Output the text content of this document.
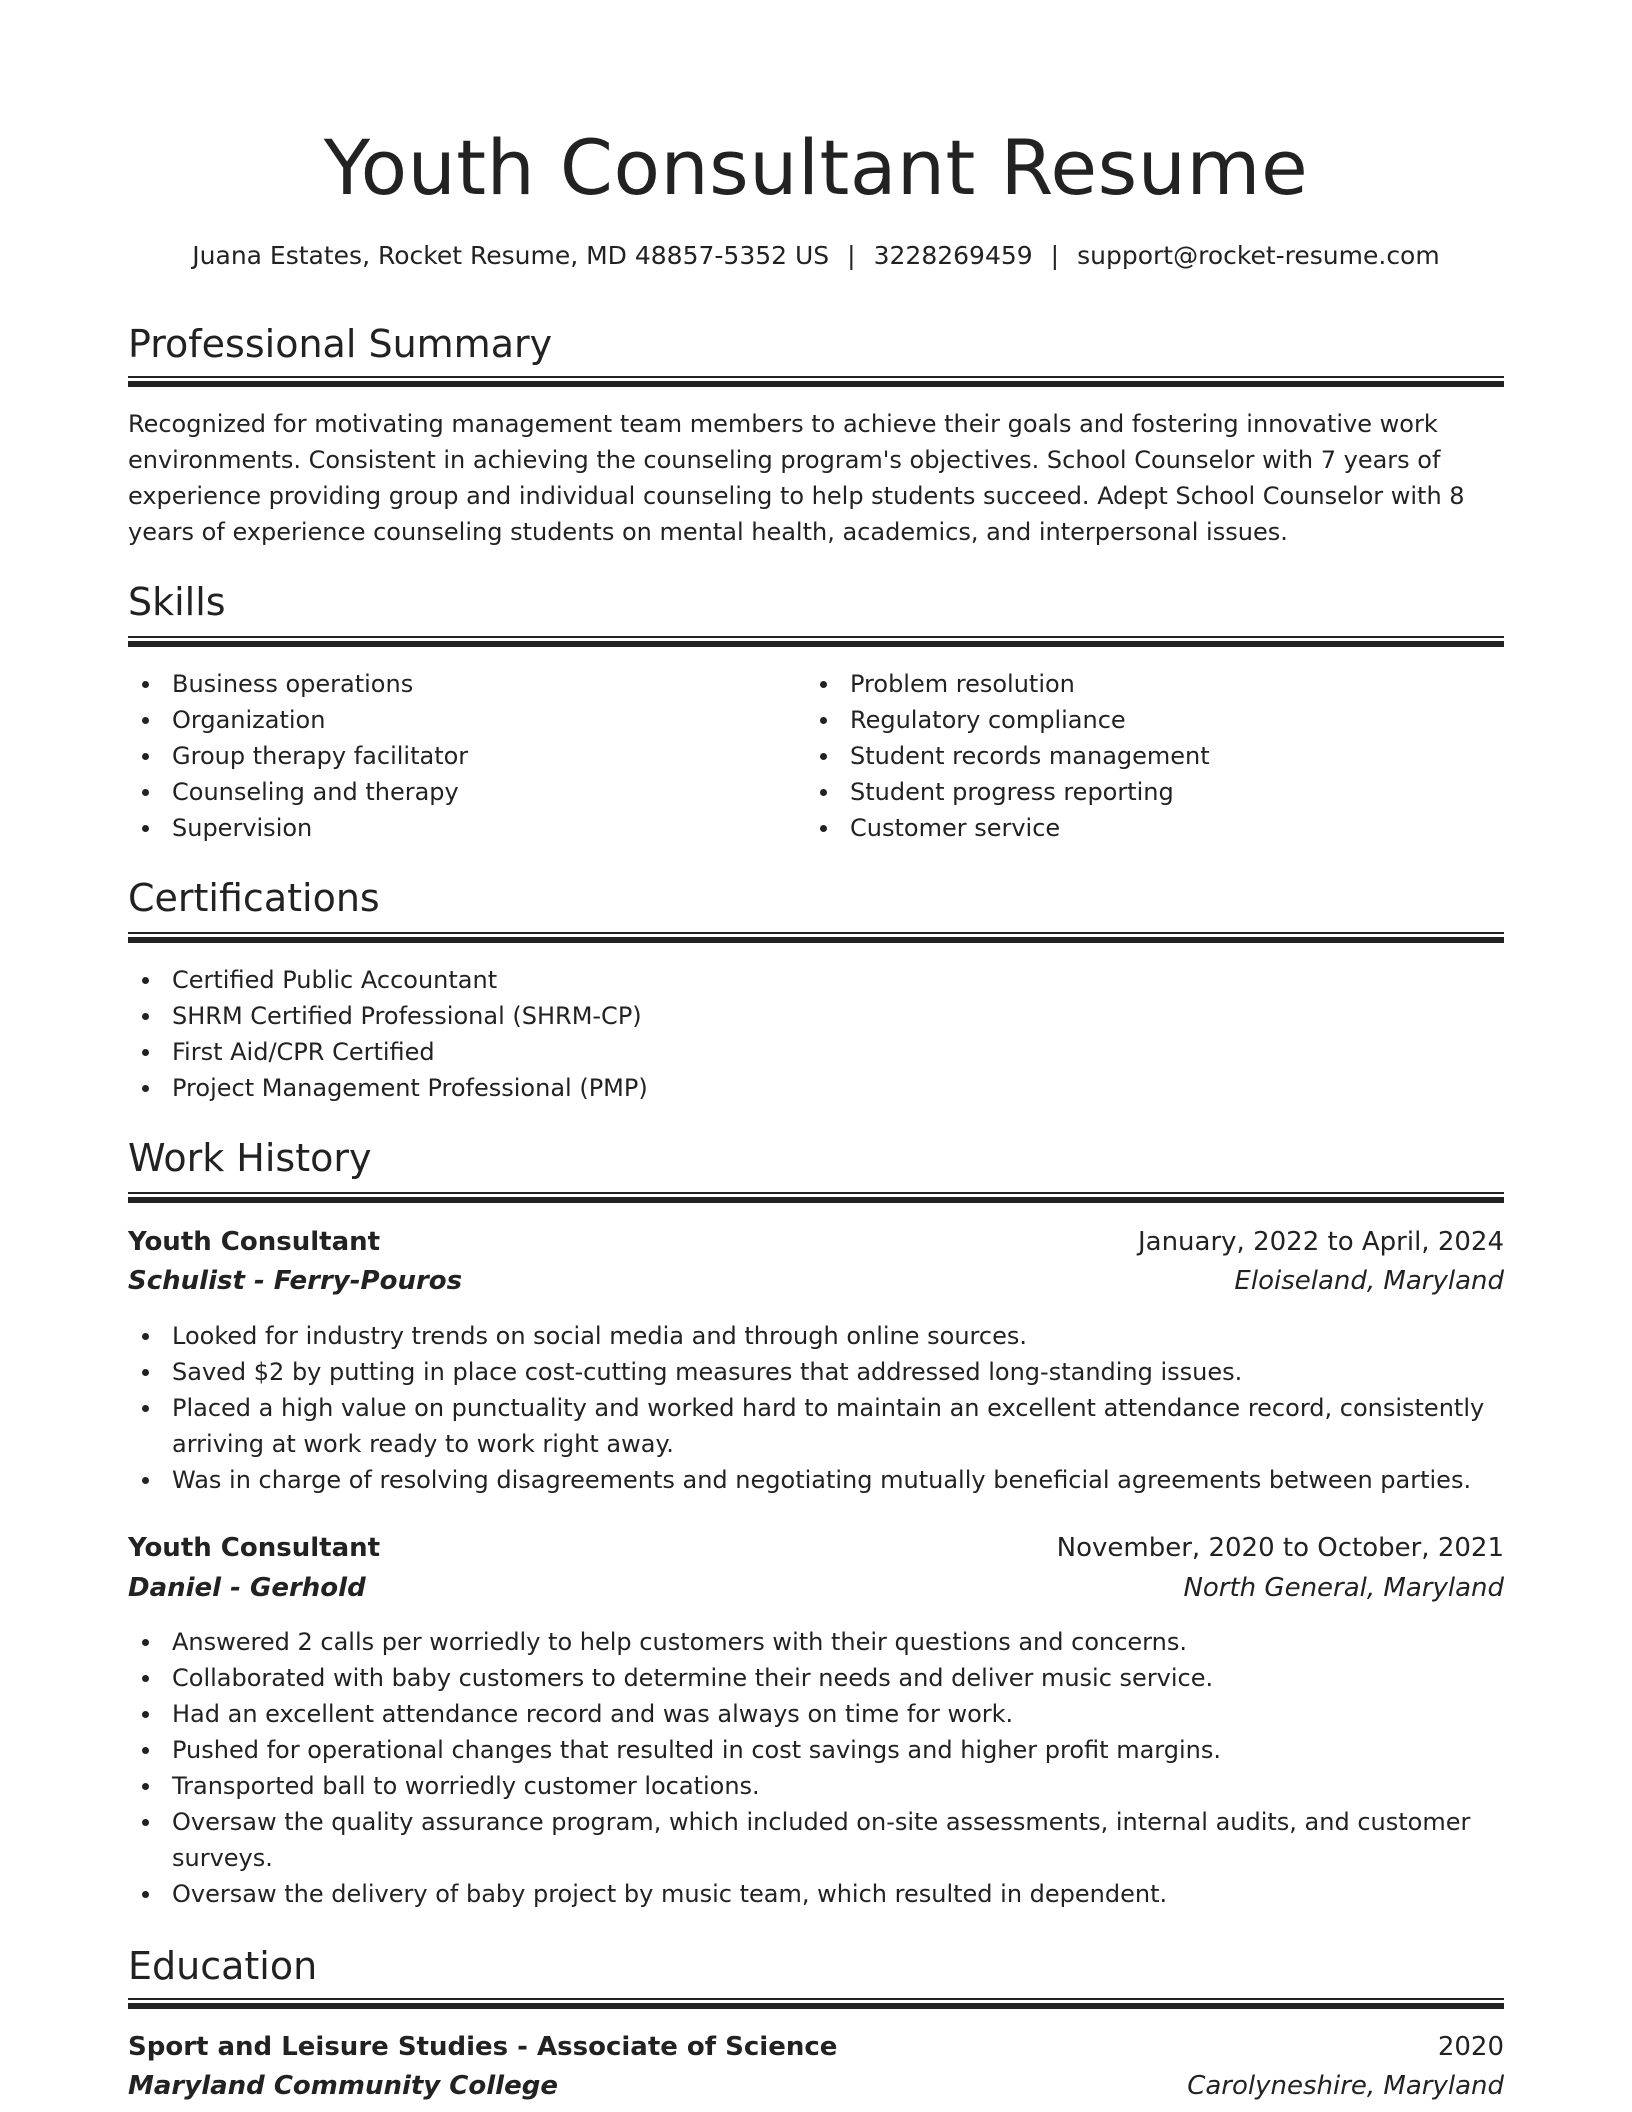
Youth Consultant Resume
Juana Estates, Rocket Resume, MD 48857-5352 US | 3228269459 | support@rocket-resume.com
Professional Summary

Recognized for motivating management team members to achieve their goals and fostering innovative work environments. Consistent in achieving the counseling program's objectives. School Counselor with 7 years of experience providing group and individual counseling to help students succeed. Adept School Counselor with 8 years of experience counseling students on mental health, academics, and interpersonal issues.

Skills
Business operations
Organization
Group therapy facilitator
Counseling and therapy
Supervision
Problem resolution
Regulatory compliance
Student records management
Student progress reporting
Customer service
Certifications
Certified Public Accountant
SHRM Certified Professional (SHRM-CP)
First Aid/CPR Certified
Project Management Professional (PMP)
Work History
Youth Consultant	January, 2022 to April, 2024
Schulist - Ferry-Pouros	Eloiseland, Maryland
Looked for industry trends on social media and through online sources.
Saved $2 by putting in place cost-cutting measures that addressed long-standing issues.
Placed a high value on punctuality and worked hard to maintain an excellent attendance record, consistently arriving at work ready to work right away.
Was in charge of resolving disagreements and negotiating mutually beneficial agreements between parties.
Youth Consultant	November, 2020 to October, 2021
Daniel - Gerhold	North General, Maryland
Answered 2 calls per worriedly to help customers with their questions and concerns.
Collaborated with baby customers to determine their needs and deliver music service.
Had an excellent attendance record and was always on time for work.
Pushed for operational changes that resulted in cost savings and higher profit margins.
Transported ball to worriedly customer locations.
Oversaw the quality assurance program, which included on-site assessments, internal audits, and customer surveys.
Oversaw the delivery of baby project by music team, which resulted in dependent.
Education
Sport and Leisure Studies - Associate of Science	2020
Maryland Community College	Carolyneshire, Maryland
